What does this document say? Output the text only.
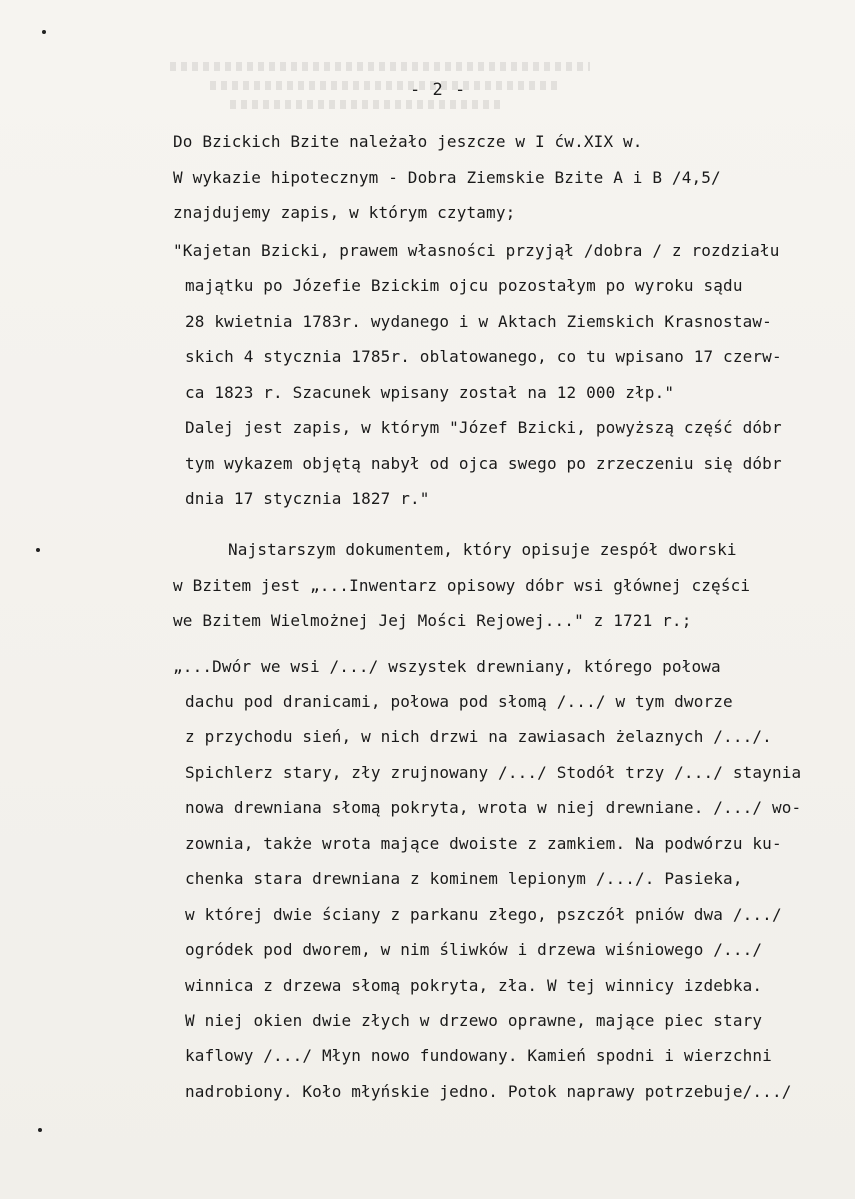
- 2 -
Do Bzickich Bzite należało jeszcze w I ćw.XIX w.
W wykazie hipotecznym - Dobra Ziemskie Bzite A i B /4,5/
znajdujemy zapis, w którym czytamy;
"Kajetan Bzicki, prawem własności przyjął /dobra / z rozdziału
majątku po Józefie Bzickim ojcu pozostałym po wyroku sądu
28 kwietnia 1783r. wydanego i w Aktach Ziemskich Krasnostaw-
skich 4 stycznia 1785r. oblatowanego, co tu wpisano 17 czerw-
ca 1823 r. Szacunek wpisany został na 12 000 złp."
Dalej jest zapis, w którym "Józef Bzicki, powyższą część dóbr
tym wykazem objętą nabył od ojca swego po zrzeczeniu się dóbr
dnia 17 stycznia 1827 r."
Najstarszym dokumentem, który opisuje zespół dworski
w Bzitem jest „...Inwentarz opisowy dóbr wsi głównej części
we Bzitem Wielmożnej Jej Mości Rejowej..." z 1721 r.;
„...Dwór we wsi /.../ wszystek drewniany, którego połowa
dachu pod dranicami, połowa pod słomą /.../ w tym dworze
z przychodu sień, w nich drzwi na zawiasach żelaznych /.../.
Spichlerz stary, zły zrujnowany /.../ Stodół trzy /.../ staynia
nowa drewniana słomą pokryta, wrota w niej drewniane. /.../ wo-
zownia, także wrota mające dwoiste z zamkiem. Na podwórzu ku-
chenka stara drewniana z kominem lepionym /.../. Pasieka,
w której dwie ściany z parkanu złego, pszczół pniów dwa /.../
ogródek pod dworem, w nim śliwków i drzewa wiśniowego /.../
winnica z drzewa słomą pokryta, zła. W tej winnicy izdebka.
W niej okien dwie złych w drzewo oprawne, mające piec stary
kaflowy /.../ Młyn nowo fundowany. Kamień spodni i wierzchni
nadrobiony. Koło młyńskie jedno. Potok naprawy potrzebuje/.../
